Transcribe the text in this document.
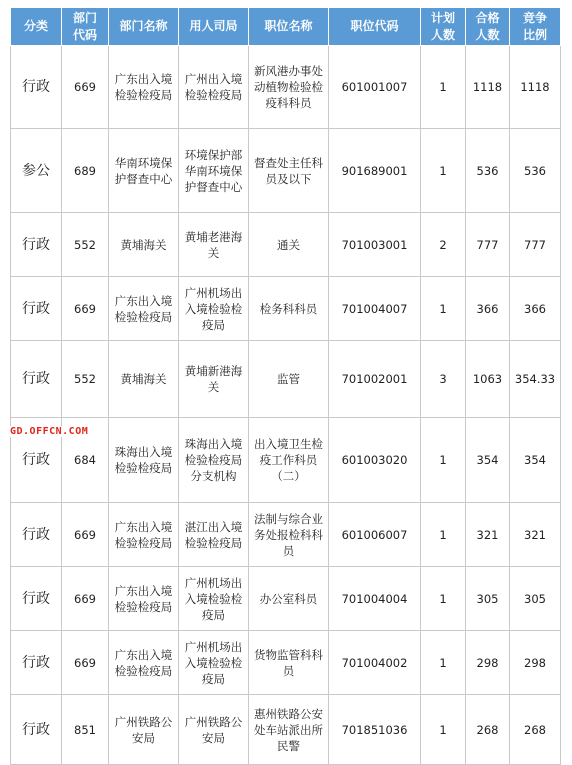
分类	部门代码	部门名称	用人司局	职位名称	职位代码	计划人数	合格人数	竞争比例
行政	669	广东出入境检验检疫局	广州出入境检验检疫局	新风港办事处动植物检验检疫科科员	601001007	1	1118	1118
参公	689	华南环境保护督查中心	环境保护部华南环境保护督查中心	督查处主任科员及以下	901689001	1	536	536
行政	552	黄埔海关	黄埔老港海关	通关	701003001	2	777	777
行政	669	广东出入境检验检疫局	广州机场出入境检验检疫局	检务科科员	701004007	1	366	366
行政	552	黄埔海关	黄埔新港海关	监管	701002001	3	1063	354.33
行政	684	珠海出入境检验检疫局	珠海出入境检验检疫局分支机构	出入境卫生检疫工作科员（二）	601003020	1	354	354
行政	669	广东出入境检验检疫局	湛江出入境检验检疫局	法制与综合业务处报检科科员	601006007	1	321	321
行政	669	广东出入境检验检疫局	广州机场出入境检验检疫局	办公室科员	701004004	1	305	305
行政	669	广东出入境检验检疫局	广州机场出入境检验检疫局	货物监管科科员	701004002	1	298	298
行政	851	广州铁路公安局	广州铁路公安局	惠州铁路公安处车站派出所民警	701851036	1	268	268
GD.OFFCN.COM
